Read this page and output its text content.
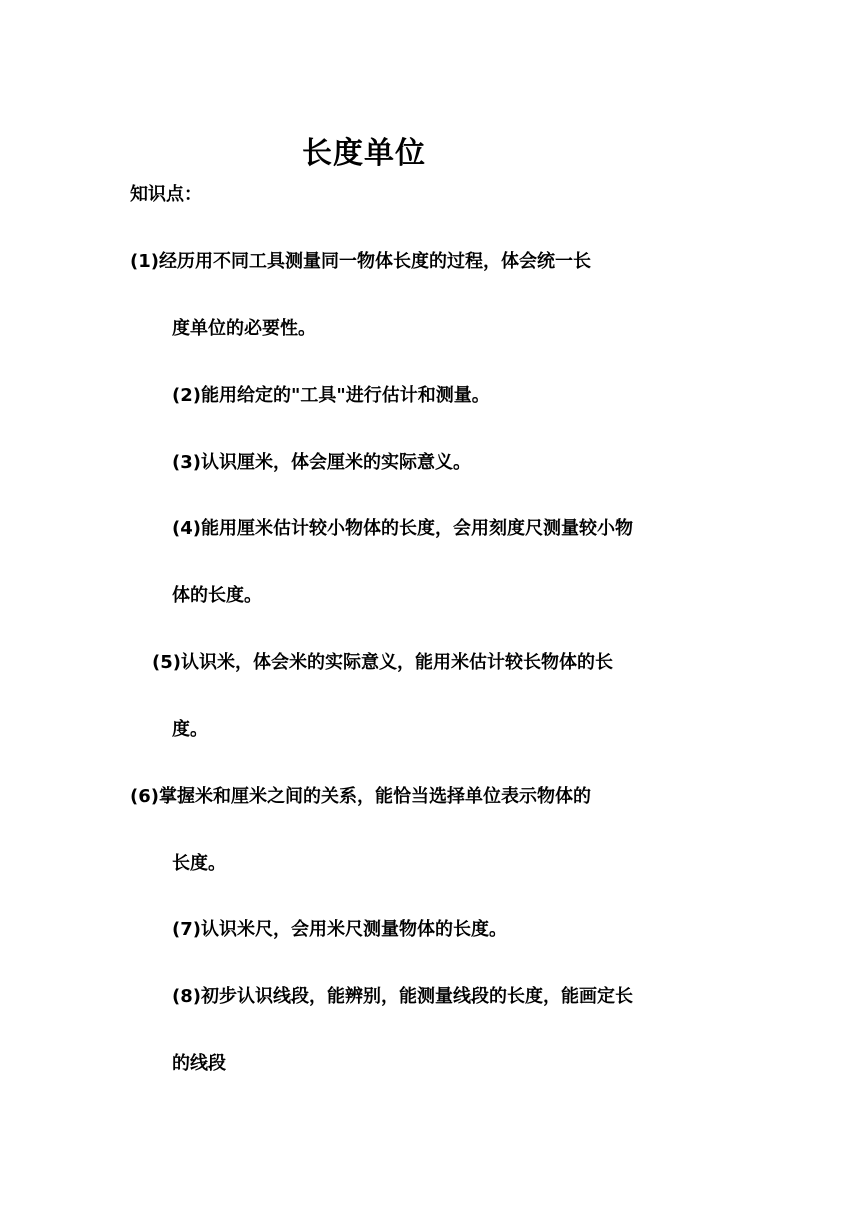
长度单位
知识点：
(1)经历用不同工具测量同一物体长度的过程，体会统一长
度单位的必要性。
(2)能用给定的"工具"进行估计和测量。
(3)认识厘米，体会厘米的实际意义。
(4)能用厘米估计较小物体的长度，会用刻度尺测量较小物
体的长度。
(5)认识米，体会米的实际意义，能用米估计较长物体的长
度。
(6)掌握米和厘米之间的关系，能恰当选择单位表示物体的
长度。
(7)认识米尺，会用米尺测量物体的长度。
(8)初步认识线段，能辨别，能测量线段的长度，能画定长
的线段
